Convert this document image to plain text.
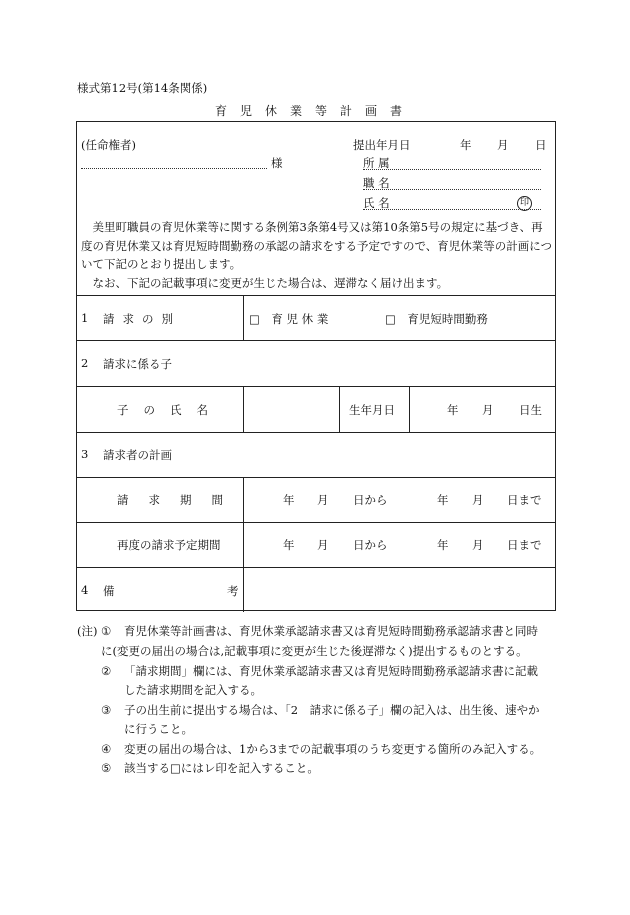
様式第12号(第14条関係)
育児休業等計画書
(任命権者)
様
提出年月日	年 月 日
所 属
職 名
氏 名	印
美里町職員の育児休業等に関する条例第3条第4号又は第10条第5号の規定に基づき、再度の育児休業又は育児短時間勤務の承認の請求をする予定ですので、育児休業等の計画について下記のとおり提出します。
なお、下記の記載事項に変更が生じた場合は、遅滞なく届け出ます。
1 請求の別	□　育 児 休 業	□　育児短時間勤務
2 請求に係る子
子の氏名	生年月日	年 月 日生
3 請求者の計画
請求期間	年 月 日から	年 月 日まで
再度の請求予定期間	年 月 日から	年 月 日まで
4 備	考
(注) ① 育児休業等計画書は、育児休業承認請求書又は育児短時間勤務承認請求書と同時
に(変更の届出の場合は,記載事項に変更が生じた後遅滞なく)提出するものとする。
② 「請求期間」欄には、育児休業承認請求書又は育児短時間勤務承認請求書に記載
した請求期間を記入する。
③ 子の出生前に提出する場合は、「2　請求に係る子」欄の記入は、出生後、速やか
に行うこと。
④ 変更の届出の場合は、1から3までの記載事項のうち変更する箇所のみ記入する。
⑤ 該当する□にはレ印を記入すること。
